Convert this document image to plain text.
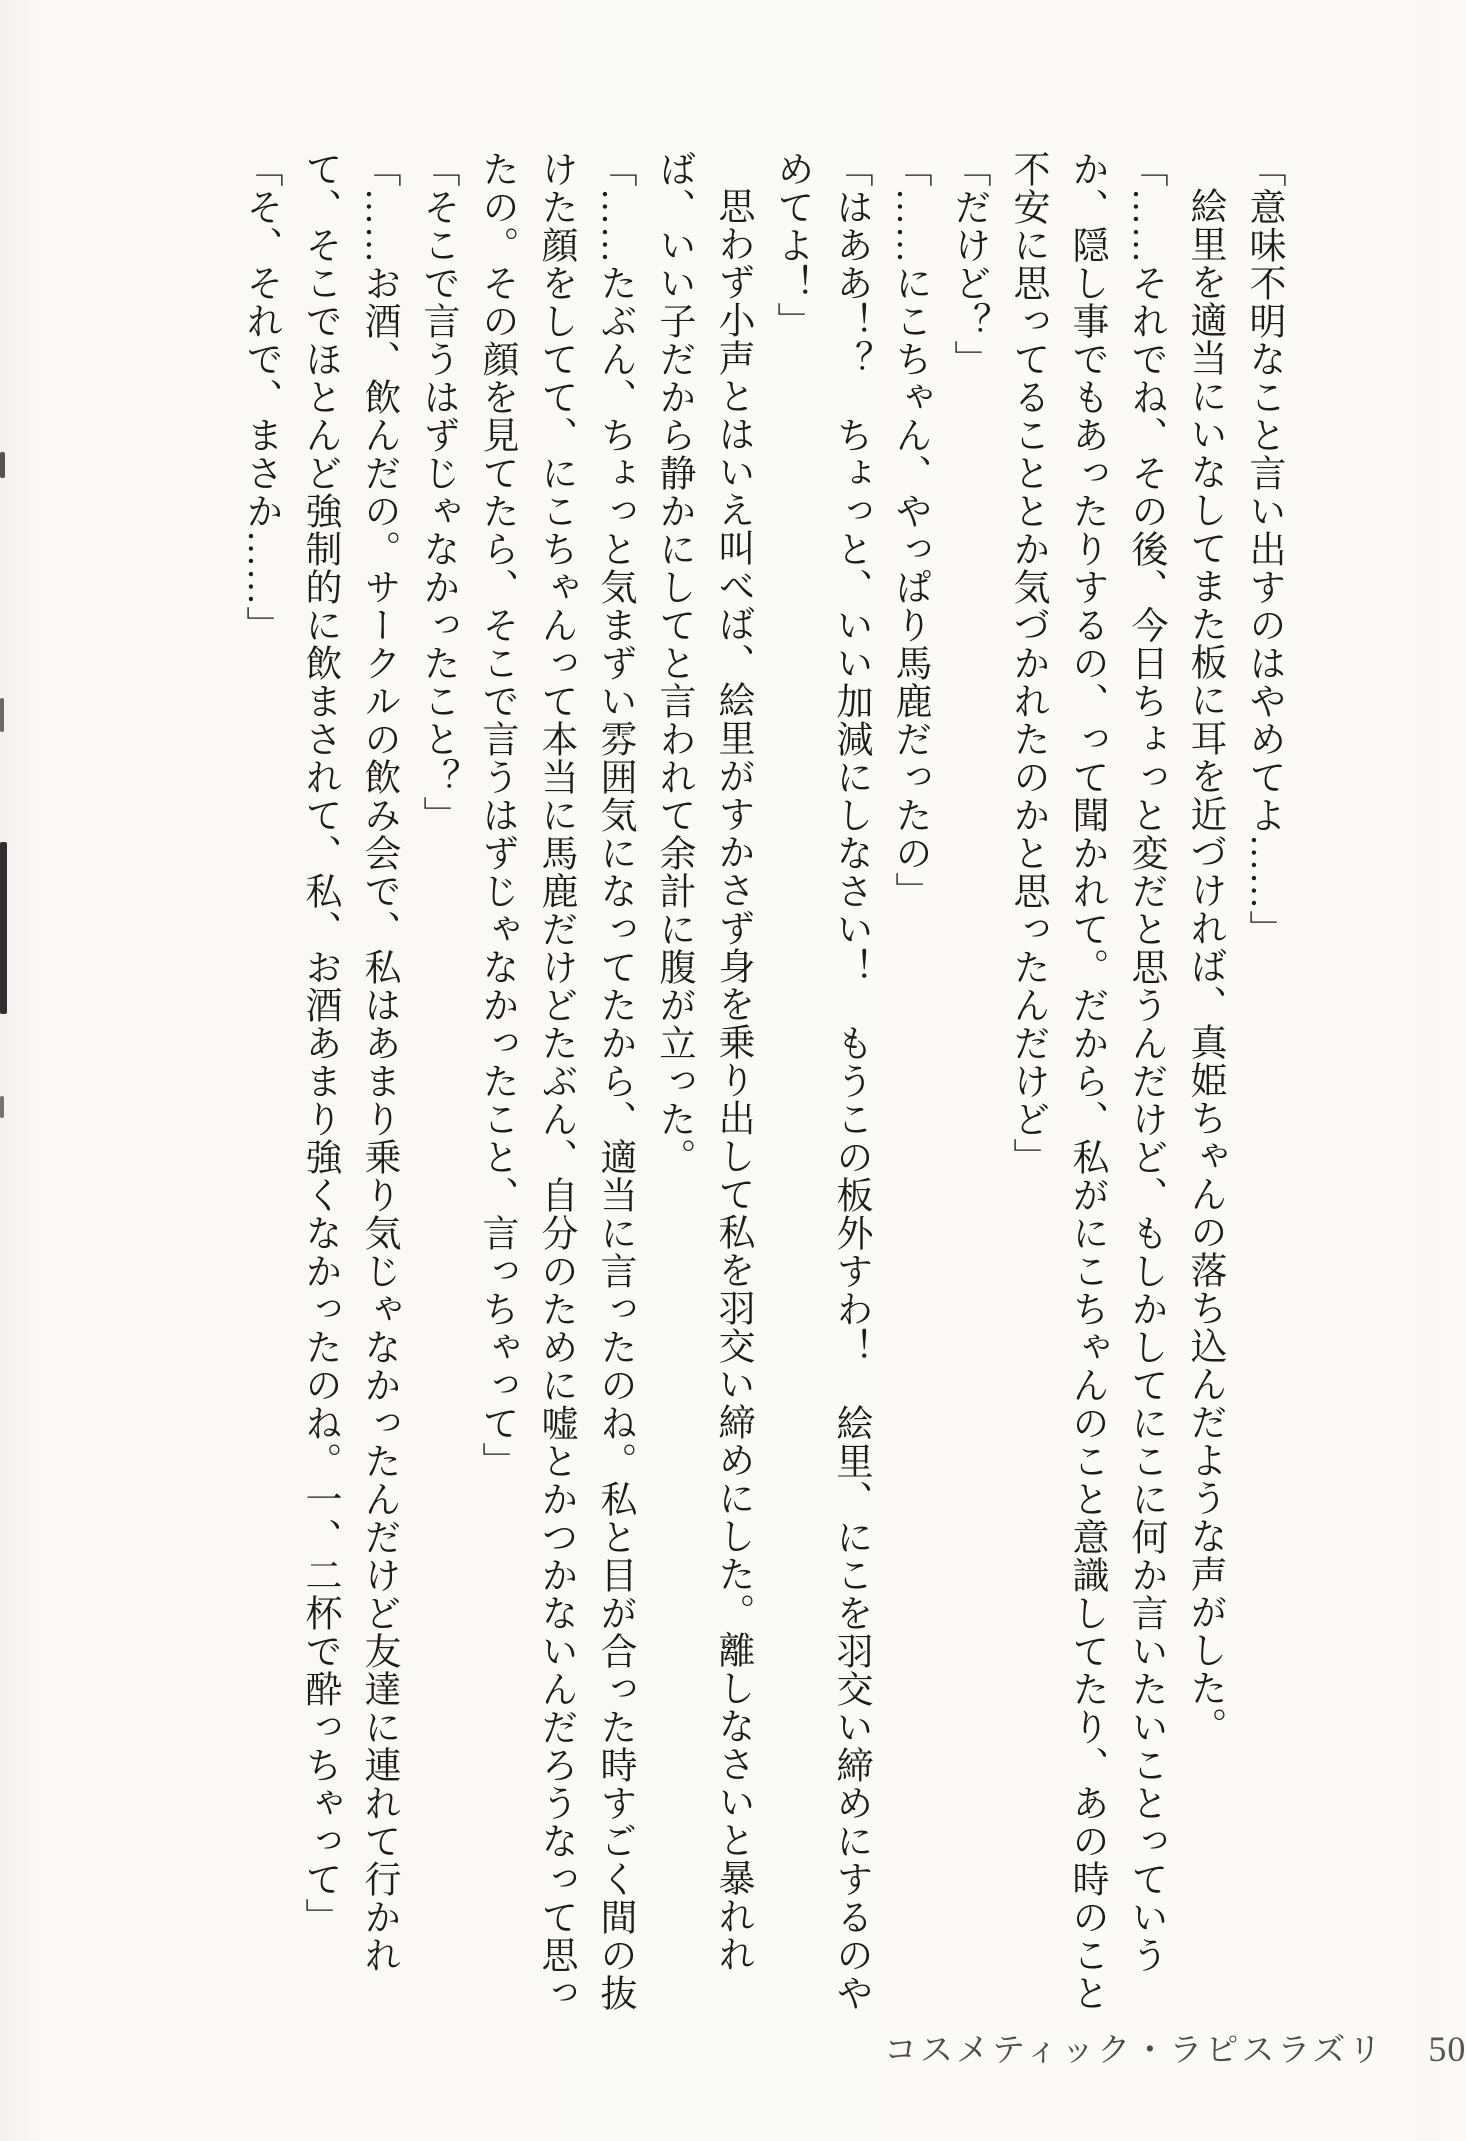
「意味不明なこと言い出すのはやめてよ……」

絵里を適当にいなしてまた板に耳を近づければ、真姫ちゃんの落ち込んだような声がした。

「……それでね、その後、今日ちょっと変だと思うんだけど、もしかしてにこに何か言いたいことっていうか、隠し事でもあったりするの、って聞かれて。だから、私がにこちゃんのこと意識してたり、あの時のこと不安に思ってることとか気づかれたのかと思ったんだけど」

「だけど？」

「……にこちゃん、やっぱり馬鹿だったの」

「はああ！？　ちょっと、いい加減にしなさい！　もうこの板外すわ！　絵里、にこを羽交い締めにするのやめてよ！」

思わず小声とはいえ叫べば、絵里がすかさず身を乗り出して私を羽交い締めにした。離しなさいと暴れれば、いい子だから静かにしてと言われて余計に腹が立った。

「……たぶん、ちょっと気まずい雰囲気になってたから、適当に言ったのね。私と目が合った時すごく間の抜けた顔をしてて、にこちゃんって本当に馬鹿だけどたぶん、自分のために嘘とかつかないんだろうなって思ったの。その顔を見てたら、そこで言うはずじゃなかったこと、言っちゃって」

「そこで言うはずじゃなかったこと？」

「……お酒、飲んだの。サークルの飲み会で、私はあまり乗り気じゃなかったんだけど友達に連れて行かれて、そこでほとんど強制的に飲まされて、私、お酒あまり強くなかったのね。一、二杯で酔っちゃって」

「そ、それで、まさか……」

コスメティック・ラピスラズリ 50
